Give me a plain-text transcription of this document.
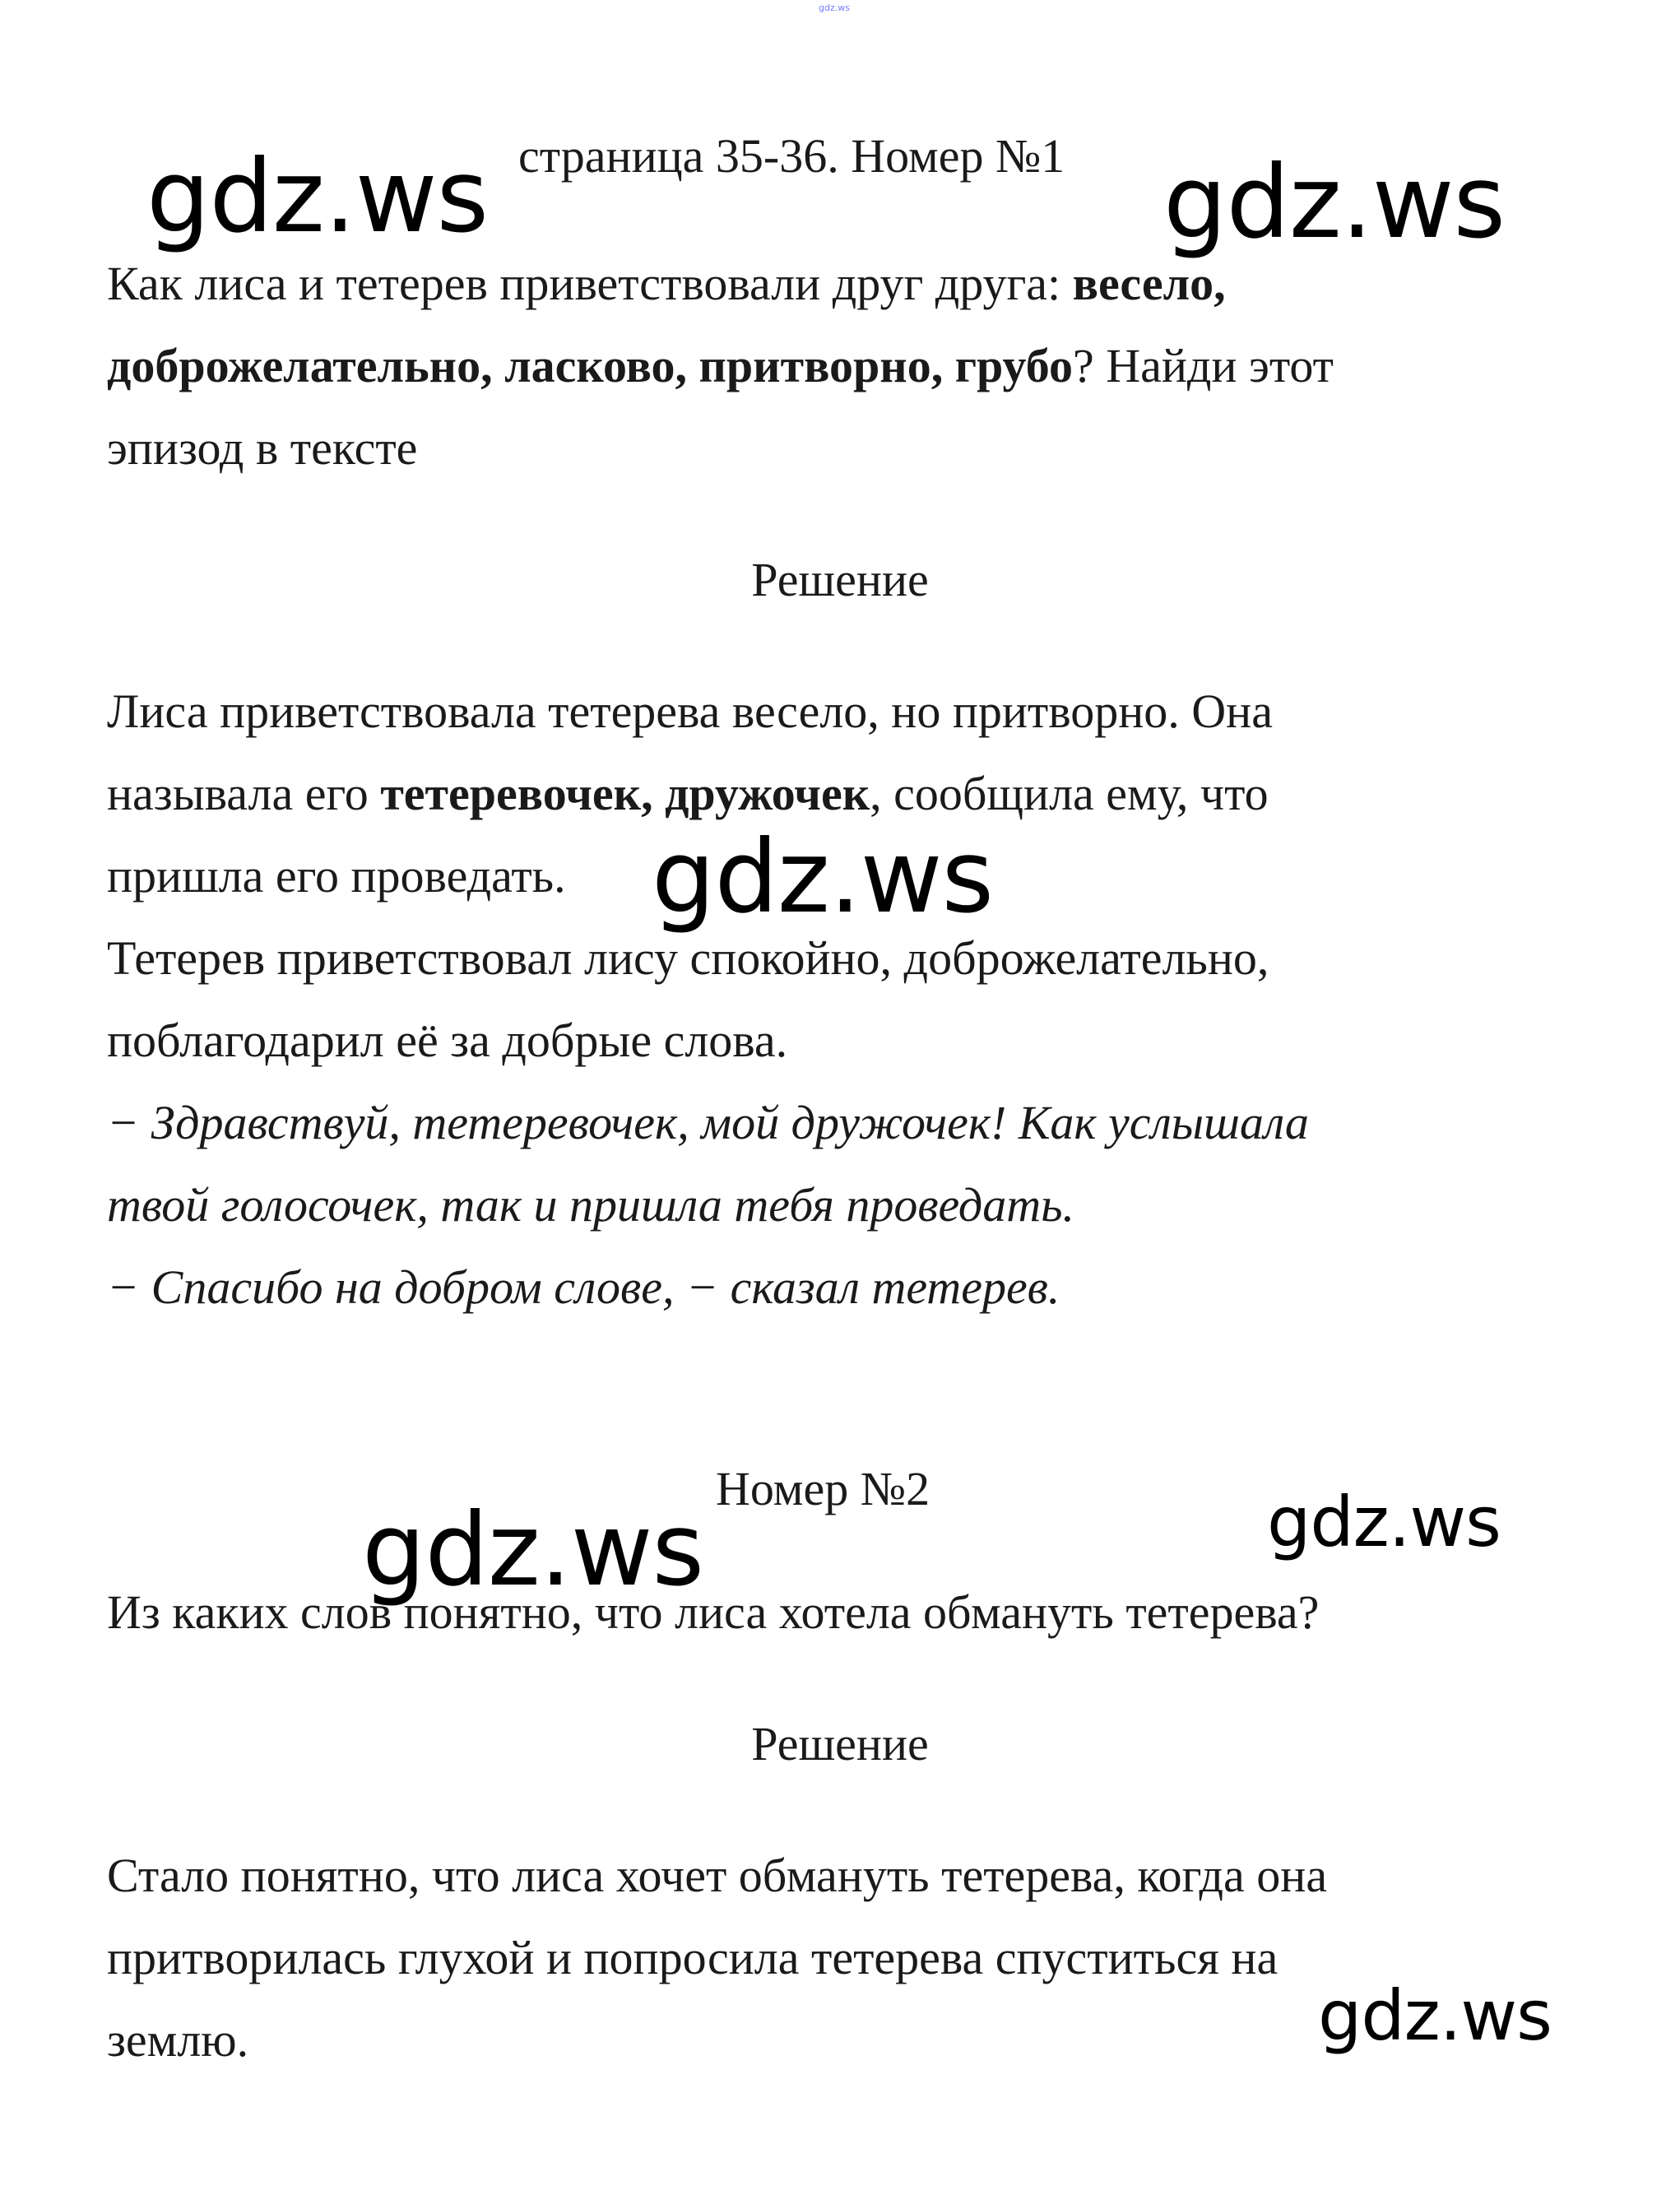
gdz.ws
страница 35-36. Номер №1
gdz.ws	gdz.ws
Как лиса и тетерев приветствовали друг друга: весело,
доброжелательно, ласково, притворно, грубо? Найди этот
эпизод в тексте
Решение
Лиса приветствовала тетерева весело, но притворно. Она
называла его тетеревочек, дружочек, сообщила ему, что
пришла его проведать. gdz.ws
Тетерев приветствовал лису спокойно, доброжелательно,
поблагодарил её за добрые слова.
− Здравствуй, тетеревочек, мой дружочек! Как услышала
твой голосочек, так и пришла тебя проведать.
− Спасибо на добром слове, − сказал тетерев.
Номер №2
gdz.ws	gdz.ws
Из каких слов понятно, что лиса хотела обмануть тетерева?
Решение
Стало понятно, что лиса хочет обмануть тетерева, когда она
притворилась глухой и попросила тетерева спуститься на
gdz.ws
землю.
